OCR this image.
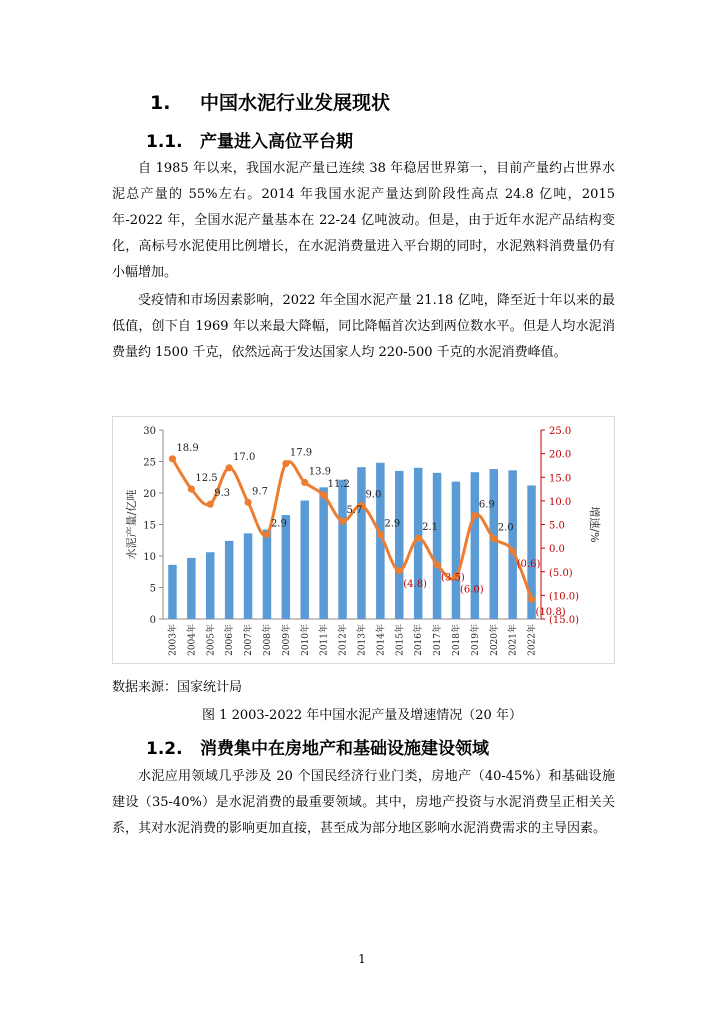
1. 中国水泥行业发展现状
1.1. 产量进入高位平台期

自 1985 年以来，我国水泥产量已连续 38 年稳居世界第一，目前产量约占世界水泥总产量的 55%左右。2014 年我国水泥产量达到阶段性高点 24.8 亿吨，2015 年-2022 年，全国水泥产量基本在 22-24 亿吨波动。但是，由于近年水泥产品结构变化，高标号水泥使用比例增长，在水泥消费量进入平台期的同时，水泥熟料消费量仍有小幅增加。

受疫情和市场因素影响，2022 年全国水泥产量 21.18 亿吨，降至近十年以来的最低值，创下自 1969 年以来最大降幅，同比降幅首次达到两位数水平。但是人均水泥消费量约 1500 千克，依然远高于发达国家人均 220-500 千克的水泥消费峰值。

0
5
10
15
20
25
30
(15.0)
(10.0)
(5.0)
0.0
5.0
10.0
15.0
20.0
25.0
水泥产量/亿吨	增速/%
2003年 2004年 2005年 2006年 2007年 2008年 2009年 2010年 2011年 2012年 2013年 2014年 2015年 2016年 2017年 2018年 2019年 2020年 2021年 2022年
18.9
12.5
9.3
17.0
9.7
2.9
17.9
13.9
11.2
5.7
9.0
2.9
(4.8)
2.1
(3.5)
(6.0)
6.9
2.0
(0.6)
(10.8)
数据来源：国家统计局
图 1 2003-2022 年中国水泥产量及增速情况（20 年）
1.2. 消费集中在房地产和基础设施建设领域

水泥应用领域几乎涉及 20 个国民经济行业门类，房地产（40-45%）和基础设施建设（35-40%）是水泥消费的最重要领域。其中，房地产投资与水泥消费呈正相关关系，其对水泥消费的影响更加直接，甚至成为部分地区影响水泥消费需求的主导因素。

1
